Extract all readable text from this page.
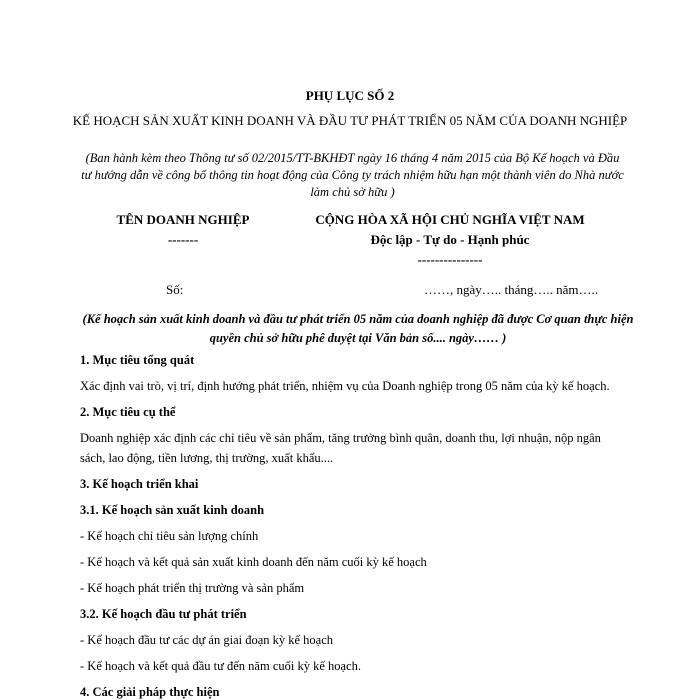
PHỤ LỤC SỐ 2
KẾ HOẠCH SẢN XUẤT KINH DOANH VÀ ĐẦU TƯ PHÁT TRIỂN 05 NĂM CỦA DOANH NGHIỆP
(Ban hành kèm theo Thông tư số 02/2015/TT-BKHĐT ngày 16 tháng 4 năm 2015 của Bộ Kế hoạch và Đầu tư hướng dẫn về công bố thông tin hoạt động của Công ty trách nhiệm hữu hạn một thành viên do Nhà nước làm chủ sở hữu )
TÊN DOANH NGHIỆP
-------
CỘNG HÒA XÃ HỘI CHỦ NGHĨA VIỆT NAM
Độc lập - Tự do - Hạnh phúc
---------------
Số:	……, ngày….. tháng….. năm…..
(Kế hoạch sản xuất kinh doanh và đầu tư phát triển 05 năm của doanh nghiệp đã được Cơ quan thực hiện quyền chủ sở hữu phê duyệt tại Văn bản số.... ngày…… )

1. Mục tiêu tổng quát

Xác định vai trò, vị trí, định hướng phát triển, nhiệm vụ của Doanh nghiệp trong 05 năm của kỳ kế hoạch.

2. Mục tiêu cụ thể

Doanh nghiệp xác định các chỉ tiêu về sản phẩm, tăng trưởng bình quân, doanh thu, lợi nhuận, nộp ngân sách, lao động, tiền lương, thị trường, xuất khẩu....

3. Kế hoạch triển khai

3.1. Kế hoạch sản xuất kinh doanh

- Kế hoạch chỉ tiêu sản lượng chính

- Kế hoạch và kết quả sản xuất kinh doanh đến năm cuối kỳ kế hoạch

- Kế hoạch phát triển thị trường và sản phẩm

3.2. Kế hoạch đầu tư phát triển

- Kế hoạch đầu tư các dự án giai đoạn kỳ kế hoạch

- Kế hoạch và kết quả đầu tư đến năm cuối kỳ kế hoạch.

4. Các giải pháp thực hiện
